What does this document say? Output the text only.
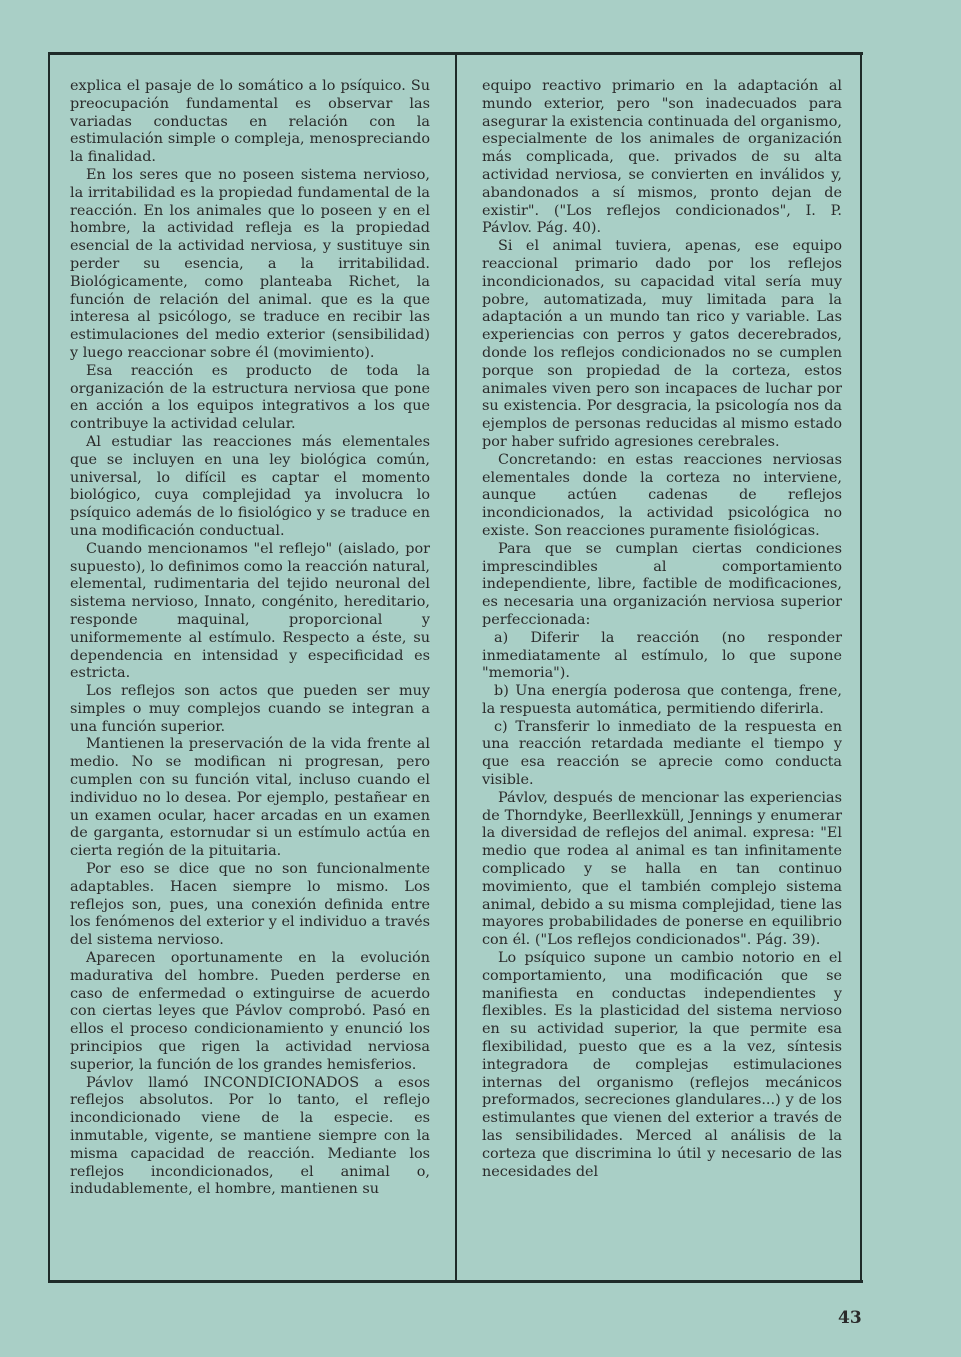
explica el pasaje de lo somático a lo psíquico. Su preocupación fundamental es observar las variadas conductas en relación con la estimulación simple o compleja, menospreciando la finalidad.

En los seres que no poseen sistema nervioso, la irritabilidad es la propiedad fundamental de la reacción. En los animales que lo poseen y en el hombre, la actividad refleja es la propiedad esencial de la actividad nerviosa, y sustituye sin perder su esencia, a la irritabilidad. Biológicamente, como planteaba Richet, la función de relación del animal. que es la que interesa al psicólogo, se traduce en recibir las estimulaciones del medio exterior (sensibilidad) y luego reaccionar sobre él (movimiento).

Esa reacción es producto de toda la organización de la estructura nerviosa que pone en acción a los equipos integrativos a los que contribuye la actividad celular.

Al estudiar las reacciones más elementales que se incluyen en una ley biológica común, universal, lo difícil es captar el momento biológico, cuya complejidad ya involucra lo psíquico además de lo fisiológico y se traduce en una modificación conductual.

Cuando mencionamos "el reflejo" (aislado, por supuesto), lo definimos como la reacción natural, elemental, rudimentaria del tejido neuronal del sistema nervioso, Innato, congénito, hereditario, responde maquinal, proporcional y uniformemente al estímulo. Respecto a éste, su dependencia en intensidad y especificidad es estricta.

Los reflejos son actos que pueden ser muy simples o muy complejos cuando se integran a una función superior.

Mantienen la preservación de la vida frente al medio. No se modifican ni progresan, pero cumplen con su función vital, incluso cuando el individuo no lo desea. Por ejemplo, pestañear en un examen ocular, hacer arcadas en un examen de garganta, estornudar si un estímulo actúa en cierta región de la pituitaria.

Por eso se dice que no son funcionalmente adaptables. Hacen siempre lo mismo. Los reflejos son, pues, una conexión definida entre los fenómenos del exterior y el individuo a través del sistema nervioso.

Aparecen oportunamente en la evolución madurativa del hombre. Pueden perderse en caso de enfermedad o extinguirse de acuerdo con ciertas leyes que Pávlov comprobó. Pasó en ellos el proceso condicionamiento y enunció los principios que rigen la actividad nerviosa superior, la función de los grandes hemisferios.

Pávlov llamó INCONDICIONADOS a esos reflejos absolutos. Por lo tanto, el reflejo incondicionado viene de la especie. es inmutable, vigente, se mantiene siempre con la misma capacidad de reacción. Mediante los reflejos incondicionados, el animal o, indudablemente, el hombre, mantienen su

equipo reactivo primario en la adaptación al mundo exterior, pero "son inadecuados para asegurar la existencia continuada del organismo, especialmente de los animales de organización más complicada, que. privados de su alta actividad nerviosa, se convierten en inválidos y, abandonados a sí mismos, pronto dejan de existir". ("Los reflejos condicionados", I. P. Pávlov. Pág. 40).

Si el animal tuviera, apenas, ese equipo reaccional primario dado por los reflejos incondicionados, su capacidad vital sería muy pobre, automatizada, muy limitada para la adaptación a un mundo tan rico y variable. Las experiencias con perros y gatos decerebrados, donde los reflejos condicionados no se cumplen porque son propiedad de la corteza, estos animales viven pero son incapaces de luchar por su existencia. Por desgracia, la psicología nos da ejemplos de personas reducidas al mismo estado por haber sufrido agresiones cerebrales.

Concretando: en estas reacciones nerviosas elementales donde la corteza no interviene, aunque actúen cadenas de reflejos incondicionados, la actividad psicológica no existe. Son reacciones puramente fisiológicas.

Para que se cumplan ciertas condiciones imprescindibles al comportamiento independiente, libre, factible de modificaciones, es necesaria una organización nerviosa superior perfeccionada:

a) Diferir la reacción (no responder inmediatamente al estímulo, lo que supone "memoria").

b) Una energía poderosa que contenga, frene, la respuesta automática, permitiendo diferirla.

c) Transferir lo inmediato de la respuesta en una reacción retardada mediante el tiempo y que esa reacción se aprecie como conducta visible.

Pávlov, después de mencionar las experiencias de Thorndyke, Beerllexküll, Jennings y enumerar la diversidad de reflejos del animal. expresa: "El medio que rodea al animal es tan infinitamente complicado y se halla en tan continuo movimiento, que el también complejo sistema animal, debido a su misma complejidad, tiene las mayores probabilidades de ponerse en equilibrio con él. ("Los reflejos condicionados". Pág. 39).

Lo psíquico supone un cambio notorio en el comportamiento, una modificación que se manifiesta en conductas independientes y flexibles. Es la plasticidad del sistema nervioso en su actividad superior, la que permite esa flexibilidad, puesto que es a la vez, síntesis integradora de complejas estimulaciones internas del organismo (reflejos mecánicos preformados, secreciones glandulares...) y de los estimulantes que vienen del exterior a través de las sensibilidades. Merced al análisis de la corteza que discrimina lo útil y necesario de las necesidades del

43
